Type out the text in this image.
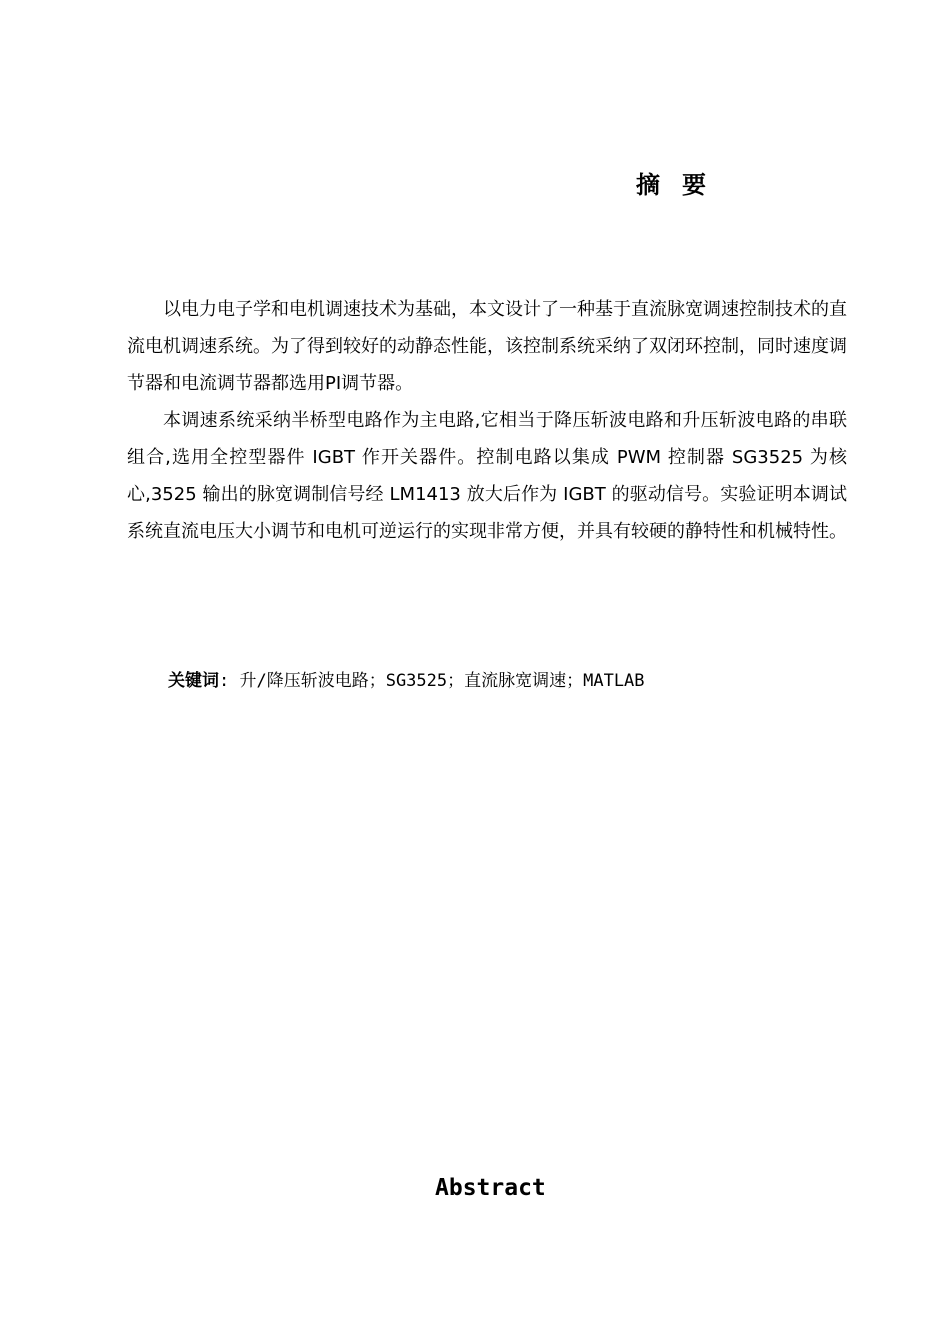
摘要

以电力电子学和电机调速技术为基础，本文设计了一种基于直流脉宽调速控制技术的直流电机调速系统。为了得到较好的动静态性能，该控制系统采纳了双闭环控制，同时速度调节器和电流调节器都选用PI调节器。

本调速系统采纳半桥型电路作为主电路,它相当于降压斩波电路和升压斩波电路的串联组合,选用全控型器件 IGBT 作开关器件。控制电路以集成 PWM 控制器 SG3525 为核心,3525 输出的脉宽调制信号经 LM1413 放大后作为 IGBT 的驱动信号。实验证明本调试系统直流电压大小调节和电机可逆运行的实现非常方便，并具有较硬的静特性和机械特性。

关键词: 升/降压斩波电路；SG3525；直流脉宽调速；MATLAB
Abstract
